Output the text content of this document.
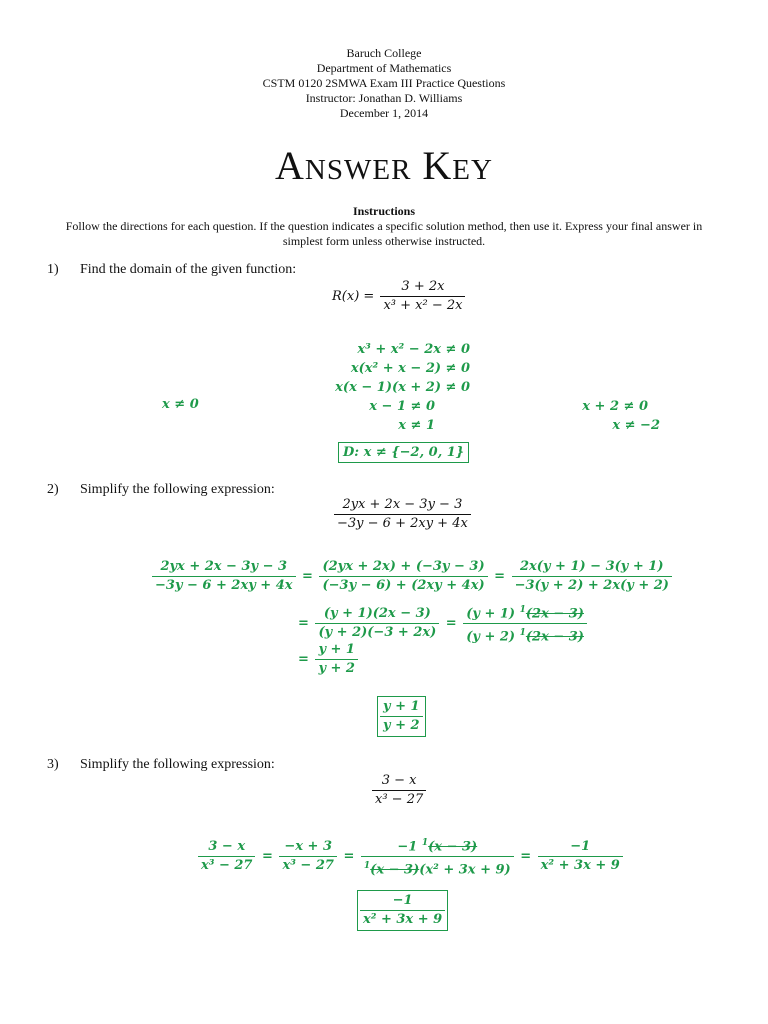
Baruch College
Department of Mathematics
CSTM 0120 2SMWA Exam III Practice Questions
Instructor: Jonathan D. Williams
December 1, 2014
ANSWER KEY
Instructions
Follow the directions for each question. If the question indicates a specific solution method, then use it. Express your final answer in simplest form unless otherwise instructed.
1) Find the domain of the given function:
$R(x) = \frac{3 + 2x}{\text{x³ + x² − 2x}}$
x³ + x² − 2x ≠ 0
x(x² + x − 2) ≠ 0
x(x − 1)(x + 2) ≠ 0
x − 1 ≠ 0
x ≠ 1
x ≠ 0	x + 2 ≠ 0
x ≠ −2
D: x ≠ {−2, 0, 1}
2) Simplify the following expression:
$\frac{2yx + 2x - 3y - 3}{-3y - 6 + 2xy + 4x}$
$\frac{2yx + 2x - 3y - 3}{-3y - 6 + 2xy + 4x} = \frac{(2yx + 2x) + (-3y - 3)}{(-3y - 6) + (2xy + 4x)} = \frac{2x(y + 1) - 3(y + 1)}{-3(y + 2) + 2x(y + 2)}$
= $\frac{(y + 1)(2x - 3)}{(y + 2)(-3 + 2x)} = \frac{(y + 1) ^1(2x - 3)}{(y + 2) ^1(2x - 3)}$
= $\frac{y + 1}{y + 2}$
$\frac{y + 1}{y + 2}$
3) Simplify the following expression:
$\frac{3 - x}{\text{x³ − 27}}$
$\frac{3 - x}{\text{x³ − 27}} = \frac{-x + 3}{\text{x³ − 27}} = \frac{-1 ^1(x - 3)}{^1(x - 3)(x^2 + 3x + 9)} = \frac{-1}{\text{x² + 3x + 9}}$
$\frac{-1}{\text{x² + 3x + 9}}$
